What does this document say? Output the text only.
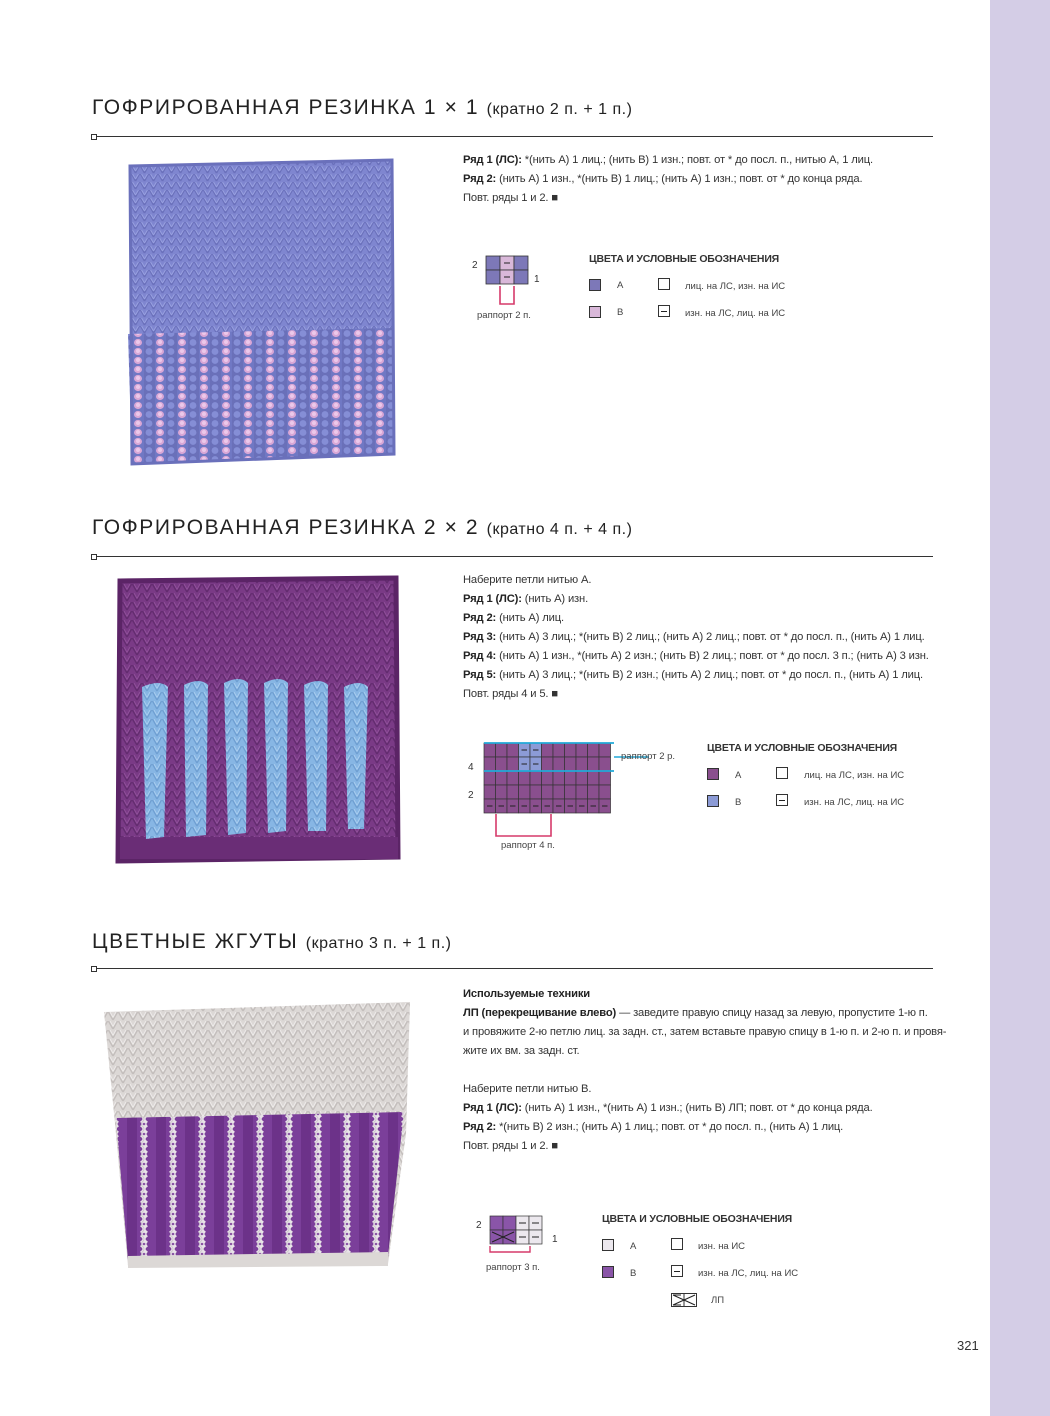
ГОФРИРОВАННАЯ РЕЗИНКА 1 × 1 (кратно 2 п. + 1 п.)

Ряд 1 (ЛС): *(нить A) 1 лиц.; (нить B) 1 изн.; повт. от * до посл. п., нитью A, 1 лиц.

Ряд 2: (нить A) 1 изн., *(нить B) 1 лиц.; (нить A) 1 изн.; повт. от * до конца ряда.

Повт. ряды 1 и 2. ■

2
1
раппорт 2 п.
ЦВЕТА И УСЛОВНЫЕ ОБОЗНАЧЕНИЯ
A
B
лиц. на ЛС, изн. на ИС
изн. на ЛС, лиц. на ИС
ГОФРИРОВАННАЯ РЕЗИНКА 2 × 2 (кратно 4 п. + 4 п.)

Наберите петли нитью A.

Ряд 1 (ЛС): (нить A) изн.

Ряд 2: (нить A) лиц.

Ряд 3: (нить A) 3 лиц.; *(нить B) 2 лиц.; (нить A) 2 лиц.; повт. от * до посл. п., (нить A) 1 лиц.

Ряд 4: (нить A) 1 изн., *(нить A) 2 изн.; (нить B) 2 лиц.; повт. от * до посл. 3 п.; (нить A) 3 изн.

Ряд 5: (нить A) 3 лиц.; *(нить B) 2 изн.; (нить A) 2 лиц.; повт. от * до посл. п., (нить A) 1 лиц.

Повт. ряды 4 и 5. ■

4
2
раппорт 2 р.
раппорт 4 п.
ЦВЕТА И УСЛОВНЫЕ ОБОЗНАЧЕНИЯ
A
B
лиц. на ЛС, изн. на ИС
изн. на ЛС, лиц. на ИС
ЦВЕТНЫЕ ЖГУТЫ (кратно 3 п. + 1 п.)

Используемые техники

ЛП (перекрещивание влево) — заведите правую спицу назад за левую, пропустите 1-ю п.

и провяжите 2-ю петлю лиц. за задн. ст., затем вставьте правую спицу в 1-ю п. и 2-ю п. и провя-

жите их вм. за задн. ст.

Наберите петли нитью B.

Ряд 1 (ЛС): (нить A) 1 изн., *(нить A) 1 изн.; (нить B) ЛП; повт. от * до конца ряда.

Ряд 2: *(нить B) 2 изн.; (нить A) 1 лиц.; повт. от * до посл. п., (нить A) 1 лиц.

Повт. ряды 1 и 2. ■

2
1
раппорт 3 п.
ЦВЕТА И УСЛОВНЫЕ ОБОЗНАЧЕНИЯ
A
B
изн. на ИС
изн. на ЛС, лиц. на ИС
ЛП
321
